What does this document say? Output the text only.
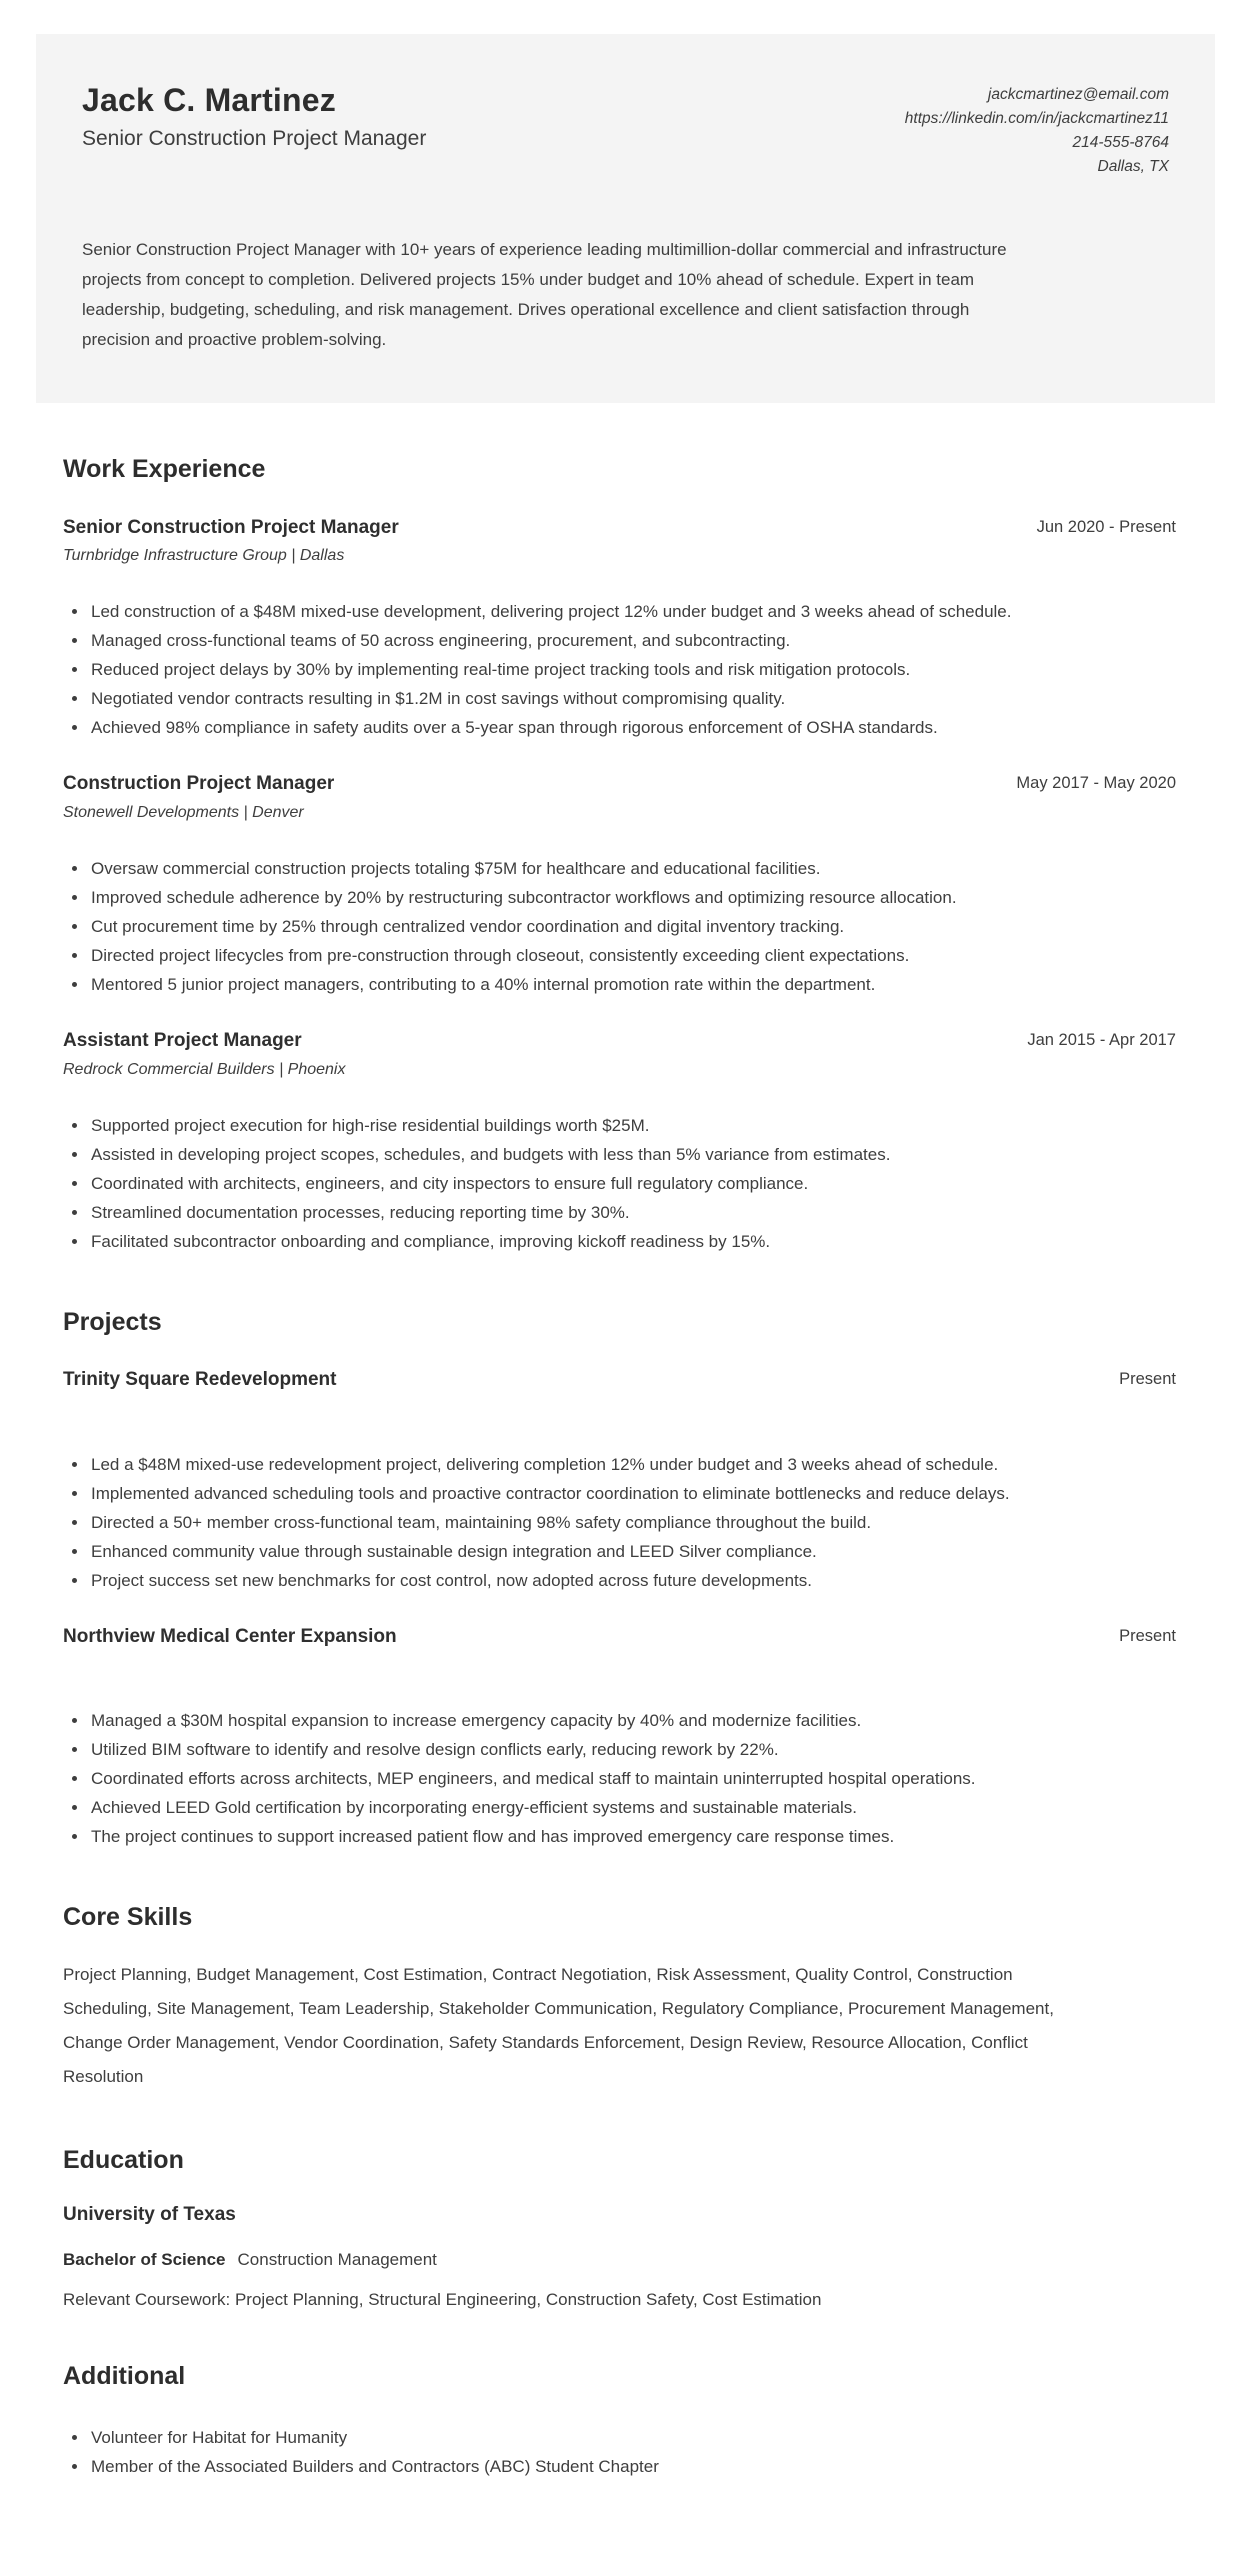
Jack C. Martinez
Senior Construction Project Manager
jackcmartinez@email.com
https://linkedin.com/in/jackcmartinez11
214-555-8764
Dallas, TX

Senior Construction Project Manager with 10+ years of experience leading multimillion-dollar commercial and infrastructure projects from concept to completion. Delivered projects 15% under budget and 10% ahead of schedule. Expert in team leadership, budgeting, scheduling, and risk management. Drives operational excellence and client satisfaction through precision and proactive problem-solving.

Work Experience
Senior Construction Project Manager
Turnbridge Infrastructure Group | Dallas
Jun 2020 - Present
• Led construction of a $48M mixed-use development, delivering project 12% under budget and 3 weeks ahead of schedule.
• Managed cross-functional teams of 50 across engineering, procurement, and subcontracting.
• Reduced project delays by 30% by implementing real-time project tracking tools and risk mitigation protocols.
• Negotiated vendor contracts resulting in $1.2M in cost savings without compromising quality.
• Achieved 98% compliance in safety audits over a 5-year span through rigorous enforcement of OSHA standards.
Construction Project Manager
Stonewell Developments | Denver
May 2017 - May 2020
• Oversaw commercial construction projects totaling $75M for healthcare and educational facilities.
• Improved schedule adherence by 20% by restructuring subcontractor workflows and optimizing resource allocation.
• Cut procurement time by 25% through centralized vendor coordination and digital inventory tracking.
• Directed project lifecycles from pre-construction through closeout, consistently exceeding client expectations.
• Mentored 5 junior project managers, contributing to a 40% internal promotion rate within the department.
Assistant Project Manager
Redrock Commercial Builders | Phoenix
Jan 2015 - Apr 2017
• Supported project execution for high-rise residential buildings worth $25M.
• Assisted in developing project scopes, schedules, and budgets with less than 5% variance from estimates.
• Coordinated with architects, engineers, and city inspectors to ensure full regulatory compliance.
• Streamlined documentation processes, reducing reporting time by 30%.
• Facilitated subcontractor onboarding and compliance, improving kickoff readiness by 15%.
Projects
Trinity Square Redevelopment	Present
• Led a $48M mixed-use redevelopment project, delivering completion 12% under budget and 3 weeks ahead of schedule.
• Implemented advanced scheduling tools and proactive contractor coordination to eliminate bottlenecks and reduce delays.
• Directed a 50+ member cross-functional team, maintaining 98% safety compliance throughout the build.
• Enhanced community value through sustainable design integration and LEED Silver compliance.
• Project success set new benchmarks for cost control, now adopted across future developments.
Northview Medical Center Expansion	Present
• Managed a $30M hospital expansion to increase emergency capacity by 40% and modernize facilities.
• Utilized BIM software to identify and resolve design conflicts early, reducing rework by 22%.
• Coordinated efforts across architects, MEP engineers, and medical staff to maintain uninterrupted hospital operations.
• Achieved LEED Gold certification by incorporating energy-efficient systems and sustainable materials.
• The project continues to support increased patient flow and has improved emergency care response times.
Core Skills

Project Planning, Budget Management, Cost Estimation, Contract Negotiation, Risk Assessment, Quality Control, Construction Scheduling, Site Management, Team Leadership, Stakeholder Communication, Regulatory Compliance, Procurement Management, Change Order Management, Vendor Coordination, Safety Standards Enforcement, Design Review, Resource Allocation, Conflict Resolution

Education
University of Texas
Bachelor of Science Construction Management
Relevant Coursework: Project Planning, Structural Engineering, Construction Safety, Cost Estimation
Additional
• Volunteer for Habitat for Humanity
• Member of the Associated Builders and Contractors (ABC) Student Chapter
